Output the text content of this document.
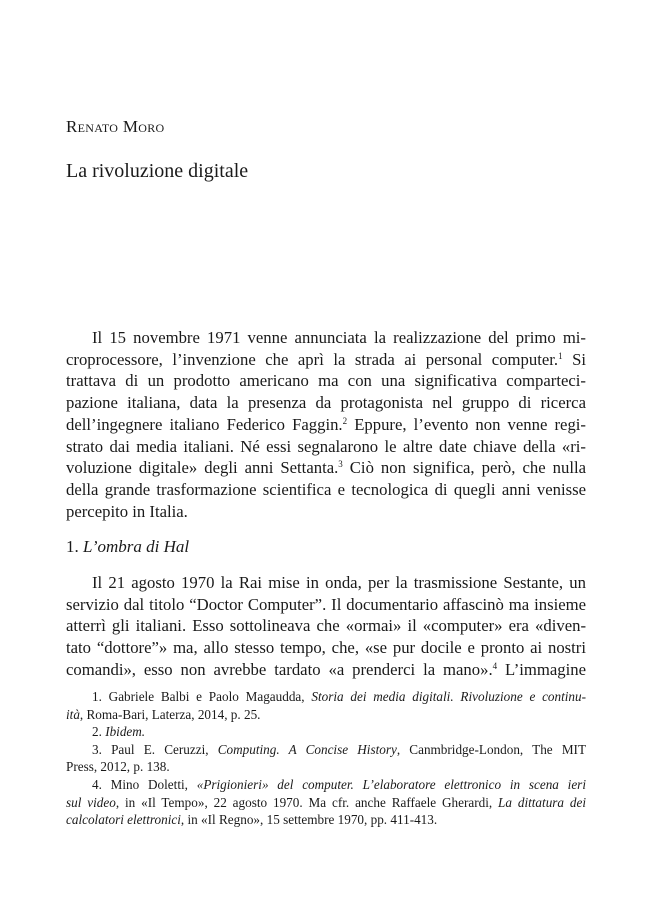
Renato Moro
La rivoluzione digitale

Il 15 novembre 1971 venne annunciata la realizzazione del primo mi-
croprocessore, l’invenzione che aprì la strada ai personal computer.$^1$ Si
trattava di un prodotto americano ma con una significativa comparteci-
pazione italiana, data la presenza da protagonista nel gruppo di ricerca
dell’ingegnere italiano Federico Faggin.$^2$ Eppure, l’evento non venne regi-
strato dai media italiani. Né essi segnalarono le altre date chiave della «ri-
voluzione digitale» degli anni Settanta.$^3$ Ciò non significa, però, che nulla
della grande trasformazione scientifica e tecnologica di quegli anni venisse
percepito in Italia.

1. L’ombra di Hal

Il 21 agosto 1970 la Rai mise in onda, per la trasmissione Sestante, un
servizio dal titolo “Doctor Computer”. Il documentario affascinò ma insieme
atterrì gli italiani. Esso sottolineava che «ormai» il «computer» era «diven-
tato “dottore”» ma, allo stesso tempo, che, «se pur docile e pronto ai nostri
comandi», esso non avrebbe tardato «a prenderci la mano».$^4$ L’immagine

1. Gabriele Balbi e Paolo Magaudda, Storia dei media digitali. Rivoluzione e continu-
ità, Roma-Bari, Laterza, 2014, p. 25.
2. Ibidem.
3. Paul E. Ceruzzi, Computing. A Concise History, Canmbridge-London, The MIT
Press, 2012, p. 138.
4. Mino Doletti, «Prigionieri» del computer. L’elaboratore elettronico in scena ieri
sul video, in «Il Tempo», 22 agosto 1970. Ma cfr. anche Raffaele Gherardi, La dittatura dei
calcolatori elettronici, in «Il Regno», 15 settembre 1970, pp. 411-413.
